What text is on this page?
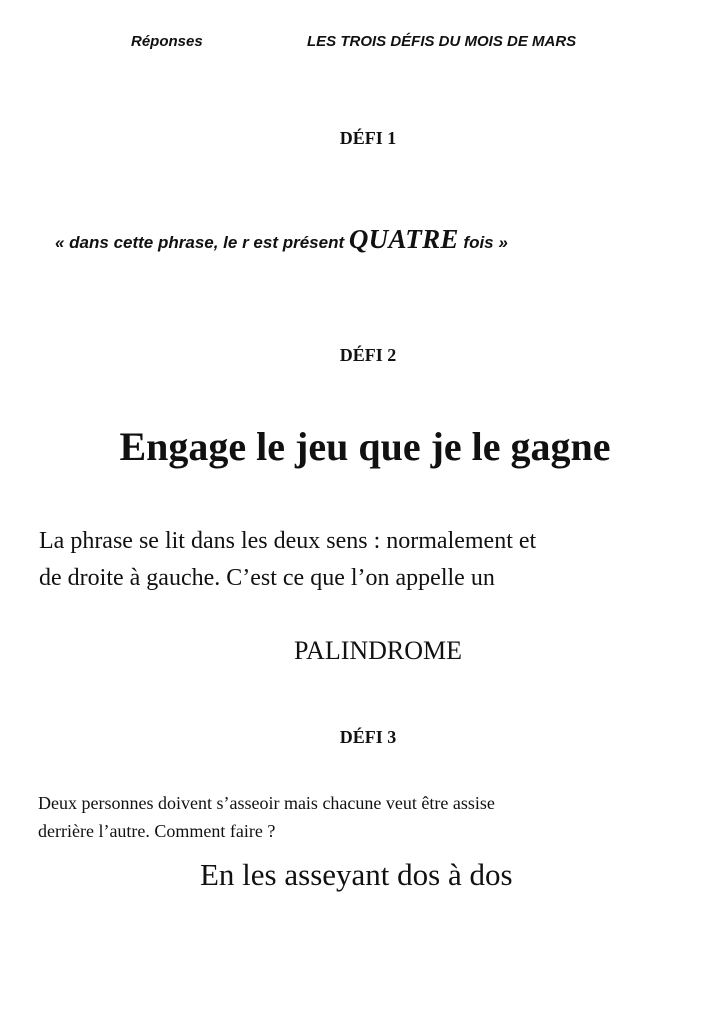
Réponses	LES TROIS DÉFIS DU MOIS DE MARS
DÉFI 1
« dans cette phrase, le r est présent QUATRE fois »
DÉFI 2
Engage le jeu que je le gagne
La phrase se lit dans les deux sens : normalement et
de droite à gauche. C’est ce que l’on appelle un
PALINDROME
DÉFI 3
Deux personnes doivent s’asseoir mais chacune veut être assise
derrière l’autre. Comment faire ?
En les asseyant dos à dos
